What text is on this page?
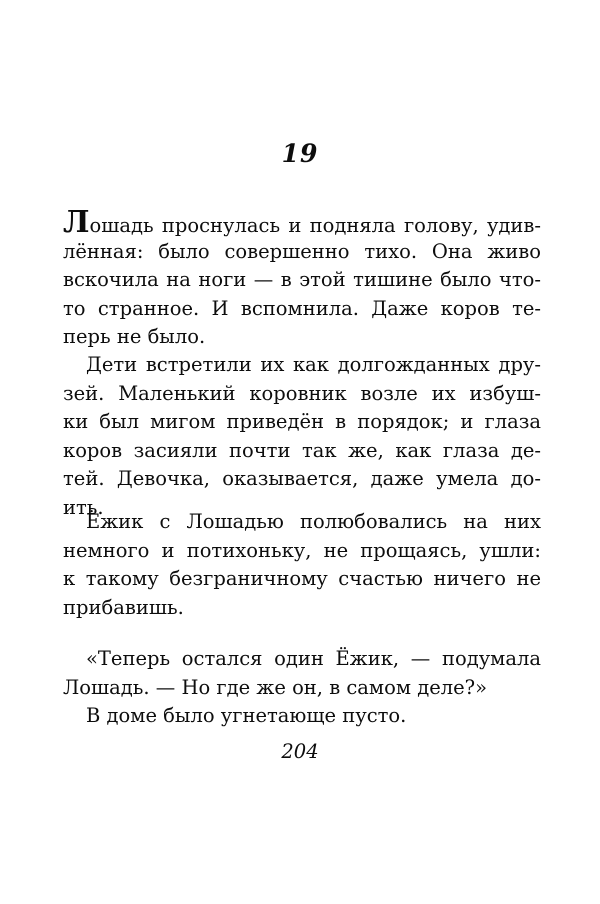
19
Лошадь проснулась и подняла голову, удив-
лённая: было совершенно тихо. Она живо
вскочила на ноги — в этой тишине было что-
то странное. И вспомнила. Даже коров те-
перь не было.
Дети встретили их как долгожданных дру-
зей. Маленький коровник возле их избуш-
ки был мигом приведён в порядок; и глаза
коров засияли почти так же, как глаза де-
тей. Девочка, оказывается, даже умела до-
ить.
Ёжик с Лошадью полюбовались на них
немного и потихоньку, не прощаясь, ушли:
к такому безграничному счастью ничего не
прибавишь.
«Теперь остался один Ёжик, — подумала
Лошадь. — Но где же он, в самом деле?»
В доме было угнетающе пусто.
204
